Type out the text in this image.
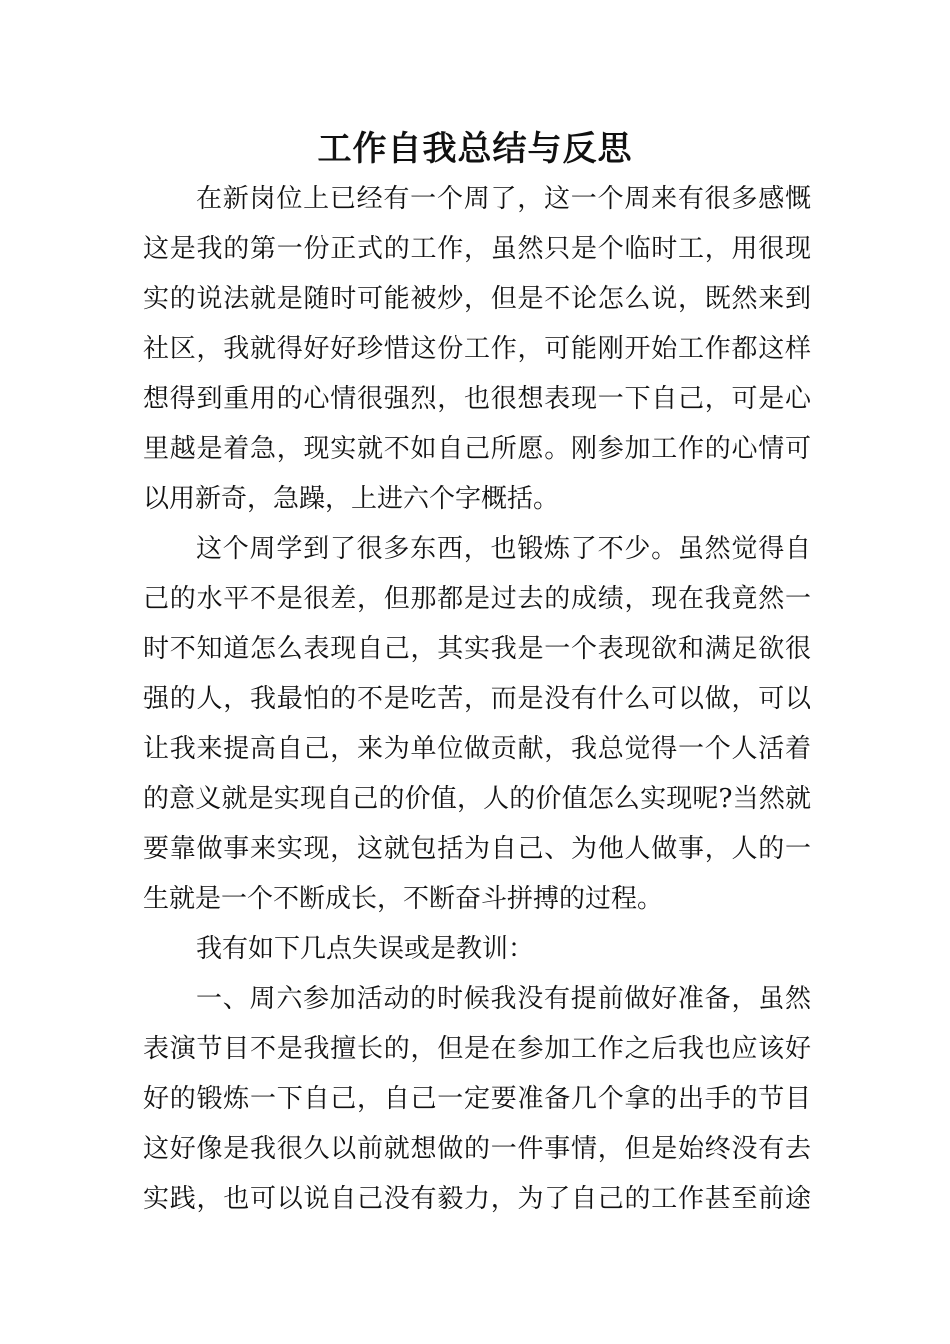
工作自我总结与反思
在新岗位上已经有一个周了，这一个周来有很多感慨
这是我的第一份正式的工作，虽然只是个临时工，用很现
实的说法就是随时可能被炒，但是不论怎么说，既然来到
社区，我就得好好珍惜这份工作，可能刚开始工作都这样
想得到重用的心情很强烈，也很想表现一下自己，可是心
里越是着急，现实就不如自己所愿。刚参加工作的心情可
以用新奇，急躁，上进六个字概括。
这个周学到了很多东西，也锻炼了不少。虽然觉得自
己的水平不是很差，但那都是过去的成绩，现在我竟然一
时不知道怎么表现自己，其实我是一个表现欲和满足欲很
强的人，我最怕的不是吃苦，而是没有什么可以做，可以
让我来提高自己，来为单位做贡献，我总觉得一个人活着
的意义就是实现自己的价值，人的价值怎么实现呢?当然就
要靠做事来实现，这就包括为自己、为他人做事，人的一
生就是一个不断成长，不断奋斗拼搏的过程。
我有如下几点失误或是教训：
一、周六参加活动的时候我没有提前做好准备，虽然
表演节目不是我擅长的，但是在参加工作之后我也应该好
好的锻炼一下自己，自己一定要准备几个拿的出手的节目
这好像是我很久以前就想做的一件事情，但是始终没有去
实践，也可以说自己没有毅力，为了自己的工作甚至前途
